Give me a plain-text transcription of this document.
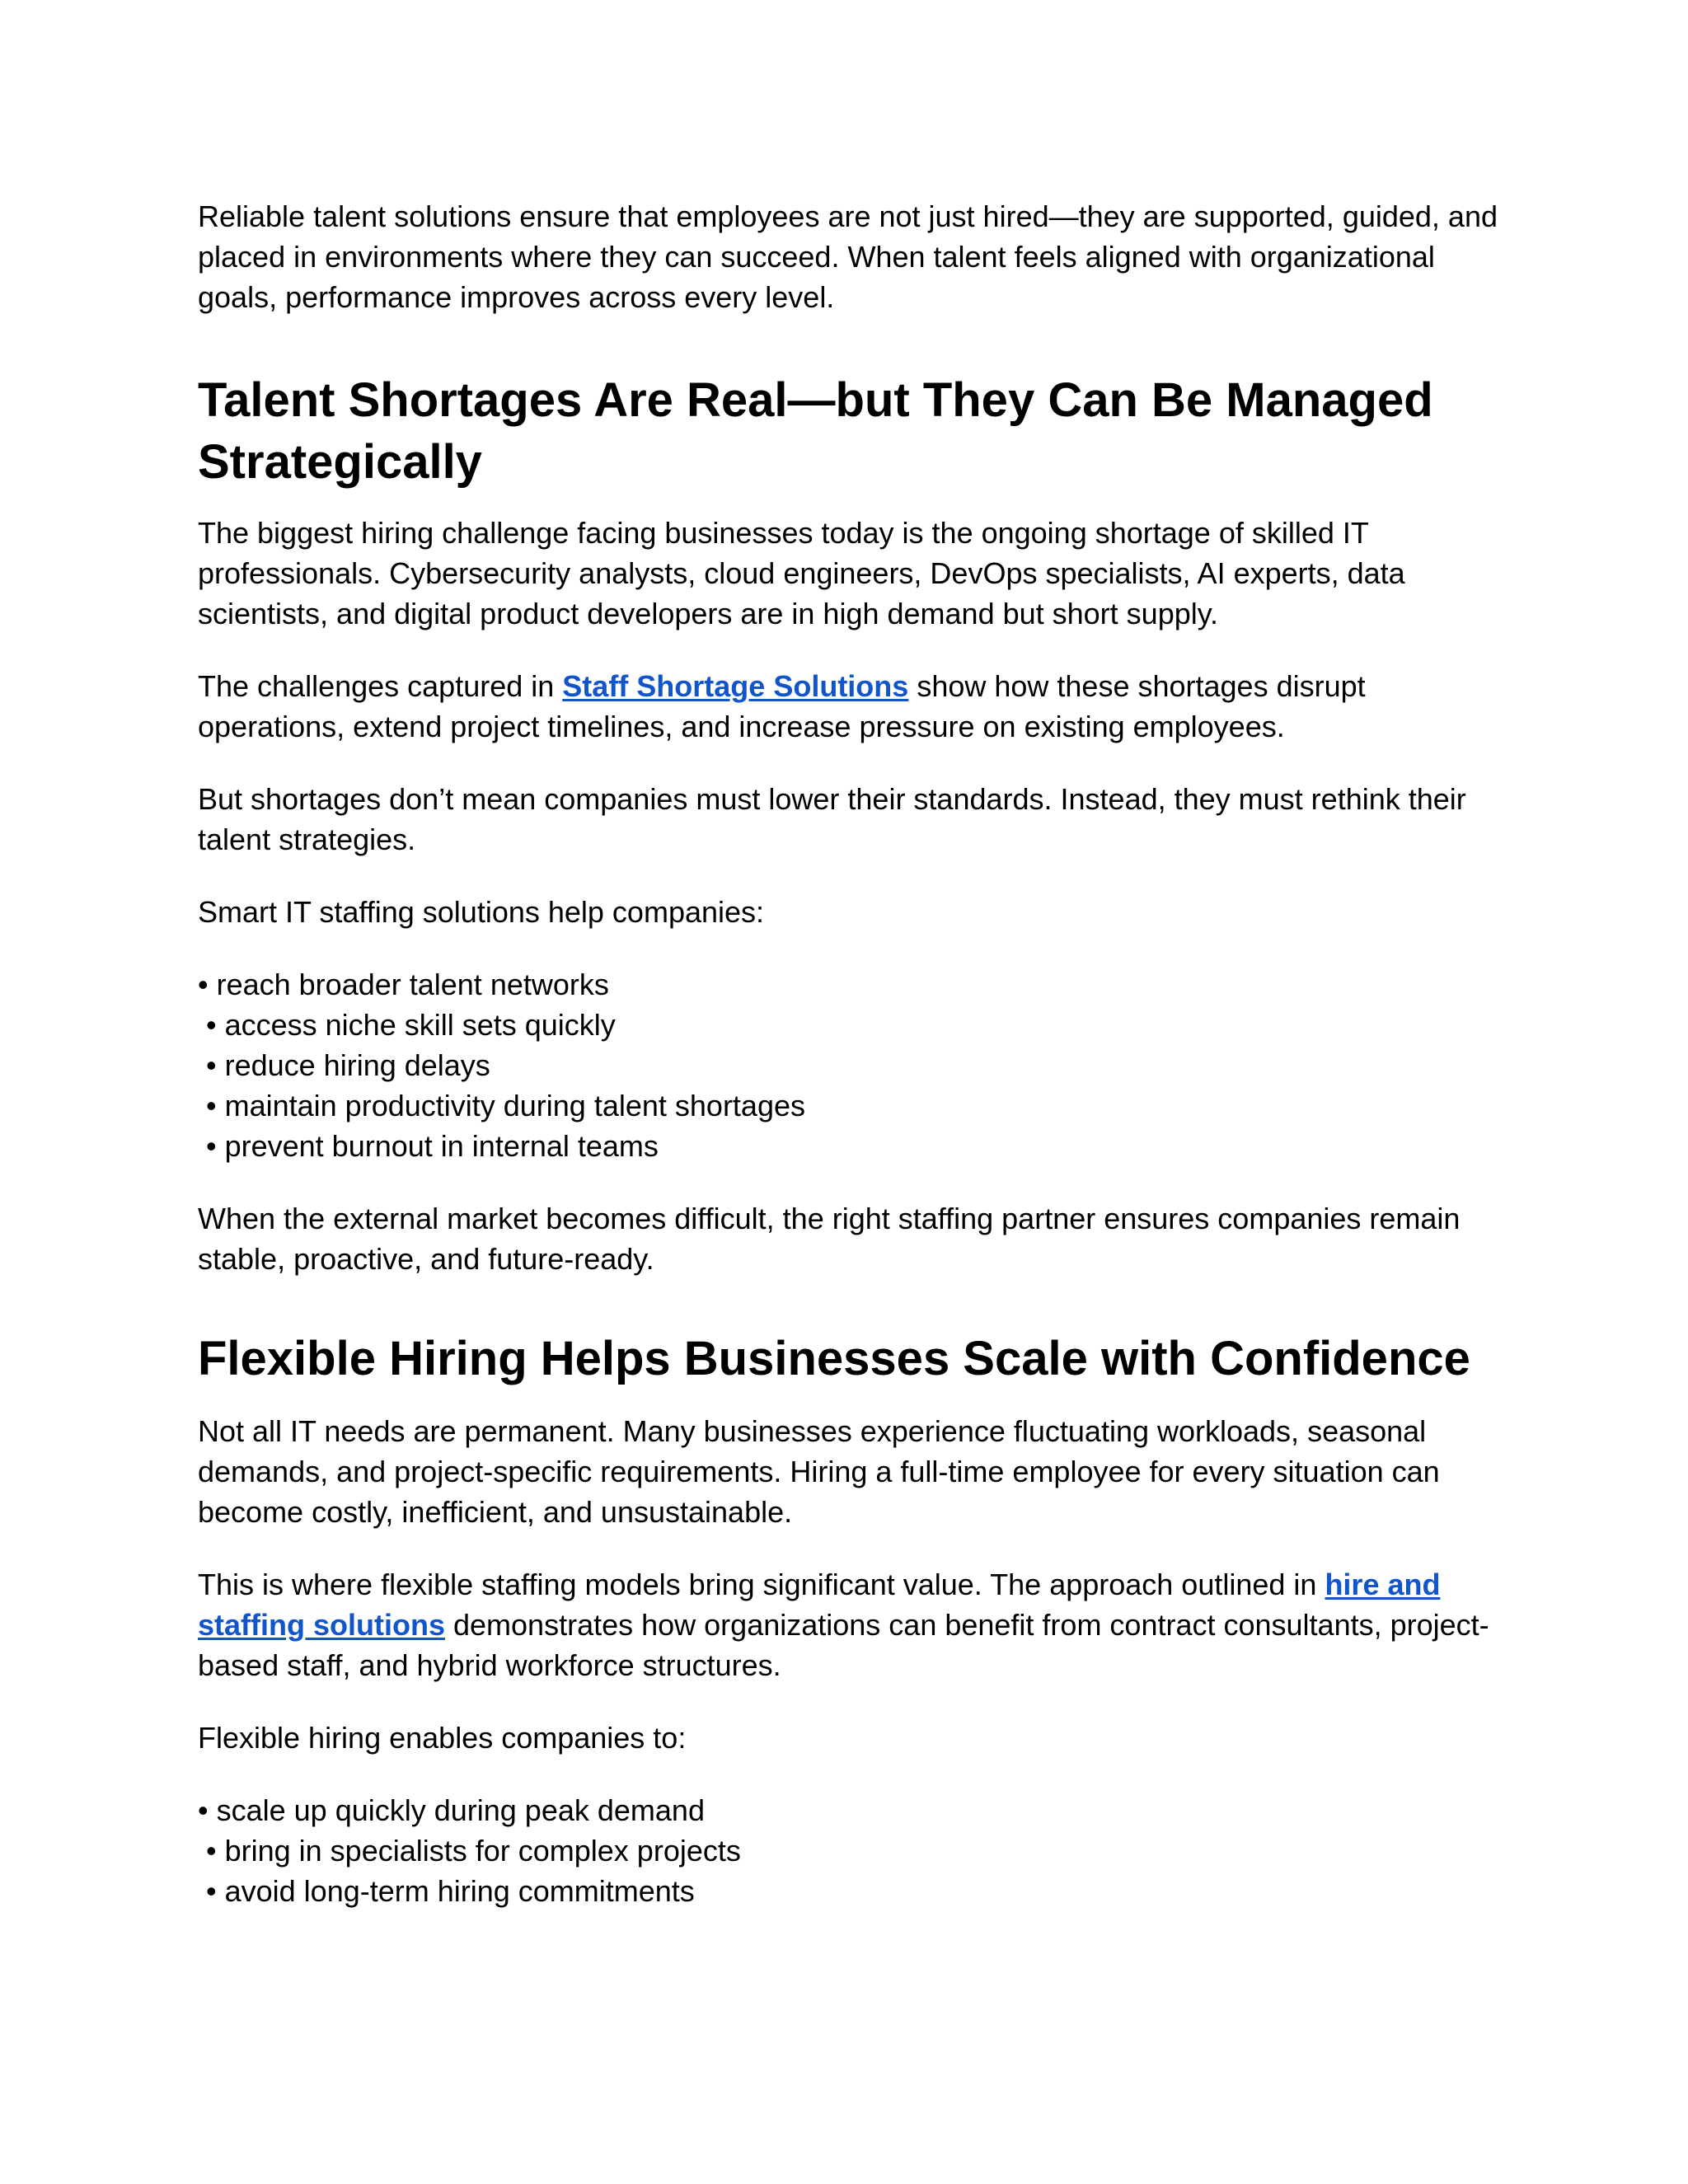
Reliable talent solutions ensure that employees are not just hired—they are supported, guided, and placed in environments where they can succeed. When talent feels aligned with organizational goals, performance improves across every level.

Talent Shortages Are Real—but They Can Be Managed Strategically

The biggest hiring challenge facing businesses today is the ongoing shortage of skilled IT professionals. Cybersecurity analysts, cloud engineers, DevOps specialists, AI experts, data scientists, and digital product developers are in high demand but short supply.

The challenges captured in Staff Shortage Solutions show how these shortages disrupt operations, extend project timelines, and increase pressure on existing employees.

But shortages don’t mean companies must lower their standards. Instead, they must rethink their talent strategies.

Smart IT staffing solutions help companies:

• reach broader talent networks
• access niche skill sets quickly
• reduce hiring delays
• maintain productivity during talent shortages
• prevent burnout in internal teams

When the external market becomes difficult, the right staffing partner ensures companies remain stable, proactive, and future-ready.

Flexible Hiring Helps Businesses Scale with Confidence

Not all IT needs are permanent. Many businesses experience fluctuating workloads, seasonal demands, and project-specific requirements. Hiring a full-time employee for every situation can become costly, inefficient, and unsustainable.

This is where flexible staffing models bring significant value. The approach outlined in hire and staffing solutions demonstrates how organizations can benefit from contract consultants, project-based staff, and hybrid workforce structures.

Flexible hiring enables companies to:

• scale up quickly during peak demand
• bring in specialists for complex projects
• avoid long-term hiring commitments
